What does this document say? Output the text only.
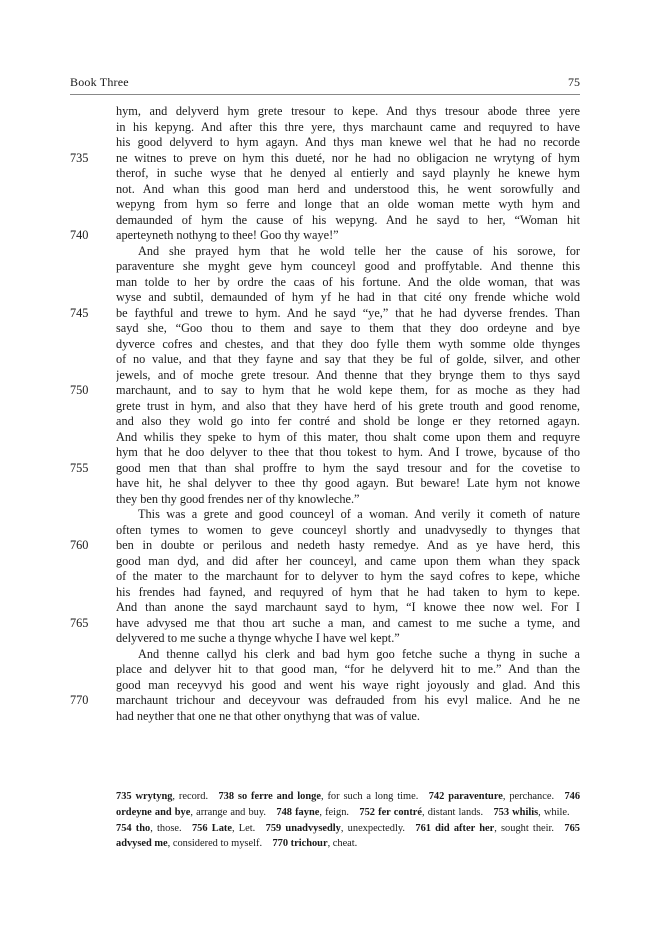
Book Three	75
hym, and delyverd hym grete tresour to kepe. And thys tresour abode three yere
in his kepyng. And after this thre yere, thys marchaunt came and requyred to have
his good delyverd to hym agayn. And thys man knewe wel that he had no recorde
735	ne witnes to preve on hym this dueté, nor he had no obligacion ne wrytyng of hym
therof, in suche wyse that he denyed al entierly and sayd playnly he knewe hym
not. And whan this good man herd and understood this, he went sorowfully and
wepyng from hym so ferre and longe that an olde woman mette wyth hym and
demaunded of hym the cause of his wepyng. And he sayd to her, “Woman hit
740	aperteyneth nothyng to thee! Goo thy waye!”
And she prayed hym that he wold telle her the cause of his sorowe, for
paraventure she myght geve hym counceyl good and proffytable. And thenne this
man tolde to her by ordre the caas of his fortune. And the olde woman, that was
wyse and subtil, demaunded of hym yf he had in that cité ony frende whiche wold
745	be faythful and trewe to hym. And he sayd “ye,” that he had dyverse frendes. Than
sayd she, “Goo thou to them and saye to them that they doo ordeyne and bye
dyverce cofres and chestes, and that they doo fylle them wyth somme olde thynges
of no value, and that they fayne and say that they be ful of golde, silver, and other
jewels, and of moche grete tresour. And thenne that they brynge them to thys sayd
750	marchaunt, and to say to hym that he wold kepe them, for as moche as they had
grete trust in hym, and also that they have herd of his grete trouth and good renome,
and also they wold go into fer contré and shold be longe er they retorned agayn.
And whilis they speke to hym of this mater, thou shalt come upon them and requyre
hym that he doo delyver to thee that thou tokest to hym. And I trowe, bycause of tho
755	good men that than shal proffre to hym the sayd tresour and for the covetise to
have hit, he shal delyver to thee thy good agayn. But beware! Late hym not knowe
they ben thy good frendes ner of thy knowleche.”
This was a grete and good counceyl of a woman. And verily it cometh of nature
often tymes to women to geve counceyl shortly and unadvysedly to thynges that
760	ben in doubte or perilous and nedeth hasty remedye. And as ye have herd, this
good man dyd, and did after her counceyl, and came upon them whan they spack
of the mater to the marchaunt for to delyver to hym the sayd cofres to kepe, whiche
his frendes had fayned, and requyred of hym that he had taken to hym to kepe.
And than anone the sayd marchaunt sayd to hym, “I knowe thee now wel. For I
765	have advysed me that thou art suche a man, and camest to me suche a tyme, and
delyvered to me suche a thynge whyche I have wel kept.”
And thenne callyd his clerk and bad hym goo fetche suche a thyng in suche a
place and delyver hit to that good man, “for he delyverd hit to me.” And than the
good man receyvyd his good and went his waye right joyously and glad. And this
770	marchaunt trichour and deceyvour was defrauded from his evyl malice. And he ne
had neyther that one ne that other onythyng that was of value.
735 wrytyng, record.  738 so ferre and longe, for such a long time.  742 paraventure, perchance.  746 ordeyne and bye, arrange and buy.  748 fayne, feign.  752 fer contré, distant lands.  753 whilis, while. 754 tho, those.  756 Late, Let.  759 unadvysedly, unexpectedly.  761 did after her, sought their.  765 advysed me, considered to myself.  770 trichour, cheat.
